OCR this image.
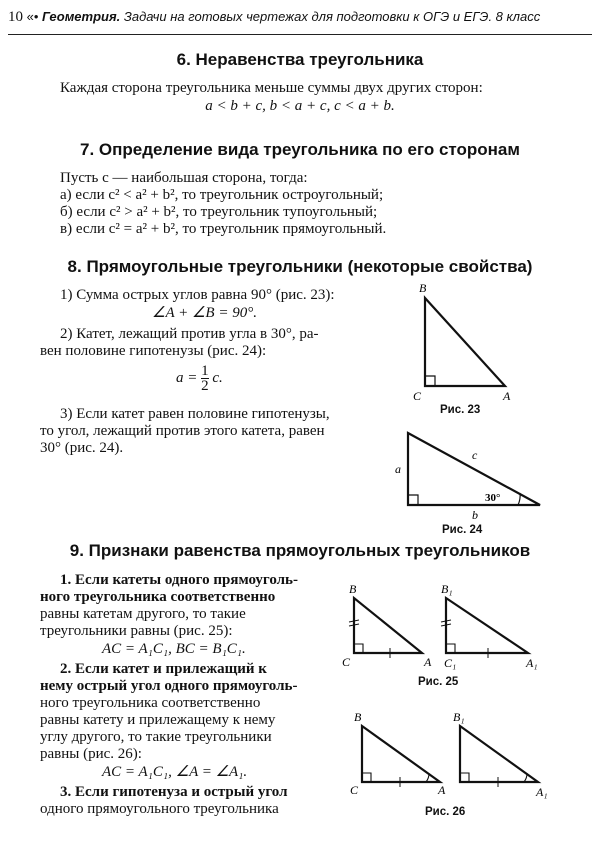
10 «• Геометрия. Задачи на готовых чертежах для подготовки к ОГЭ и ЕГЭ. 8 класс
6. Неравенства треугольника
Каждая сторона треугольника меньше суммы двух других сторон:
a < b + c, b < a + c, c < a + b.
7. Определение вида треугольника по его сторонам
Пусть c — наибольшая сторона, тогда:
а) если c² < a² + b², то треугольник остроугольный;
б) если c² > a² + b², то треугольник тупоугольный;
в) если c² = a² + b², то треугольник прямоугольный.
8. Прямоугольные треугольники (некоторые свойства)
1) Сумма острых углов равна 90° (рис. 23):
∠A + ∠B = 90°.
2) Катет, лежащий против угла в 30°, ра-
вен половине гипотенузы (рис. 24):
$a = \frac{1}{2} c$.
3) Если катет равен половине гипотенузы,
то угол, лежащий против этого катета, равен
30° (рис. 24).
B
C	A
Рис. 23
a
c
b
30°
Рис. 24
9. Признаки равенства прямоугольных треугольников
1. Если катеты одного прямоуголь-
ного треугольника соответственно
равны катетам другого, то такие
треугольники равны (рис. 25):
AC = A₁C₁, BC = B₁C₁.
2. Если катет и прилежащий к
нему острый угол одного прямоуголь-
ного треугольника соответственно
равны катету и прилежащему к нему
углу другого, то такие треугольники
равны (рис. 26):
AC = A₁C₁, ∠A = ∠A₁.
3. Если гипотенуза и острый угол
одного прямоугольного треугольника
B
C	A
B₁
C₁	A₁
Рис. 25
B
C	A
B₁
A₁
Рис. 26
